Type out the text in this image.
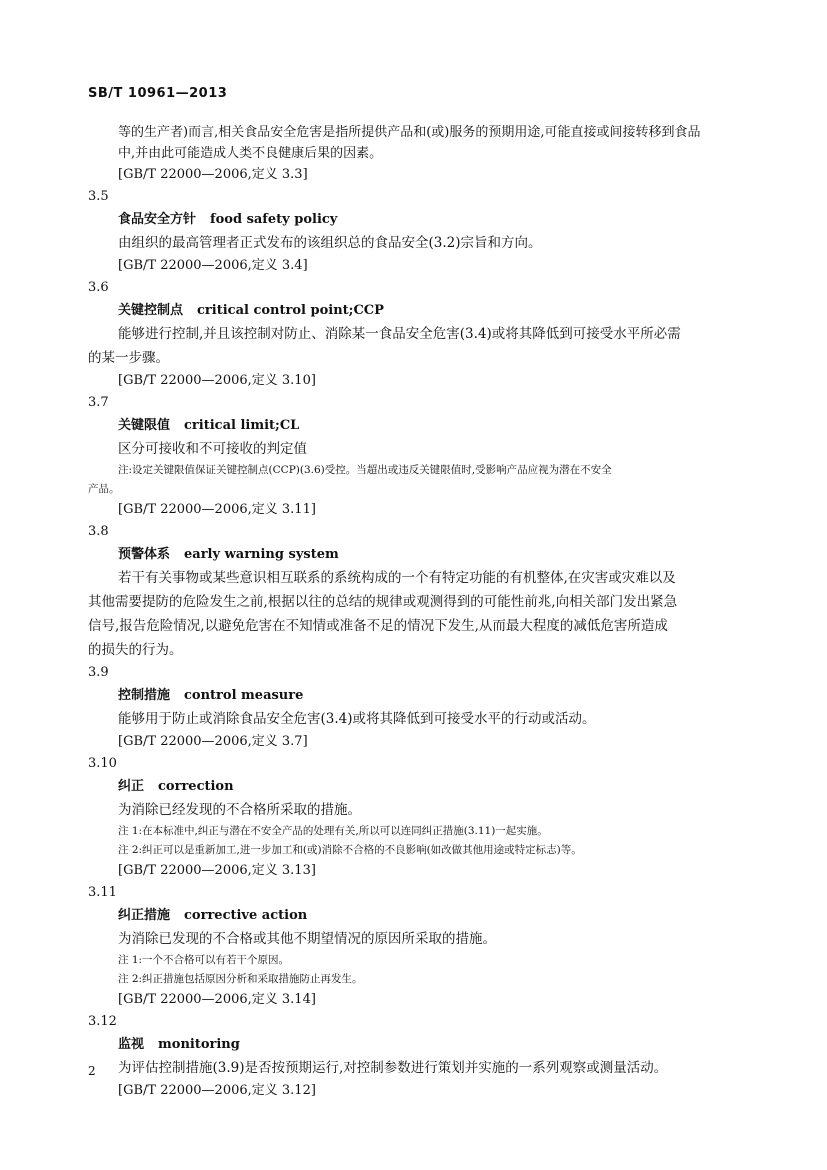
SB/T 10961—2013
等的生产者)而言,相关食品安全危害是指所提供产品和(或)服务的预期用途,可能直接或间接转移到食品
中,并由此可能造成人类不良健康后果的因素。
[GB/T 22000—2006,定义 3.3]
3.5
食品安全方针 food safety policy
由组织的最高管理者正式发布的该组织总的食品安全(3.2)宗旨和方向。
[GB/T 22000—2006,定义 3.4]
3.6
关键控制点 critical control point;CCP
能够进行控制,并且该控制对防止、消除某一食品安全危害(3.4)或将其降低到可接受水平所必需
的某一步骤。
[GB/T 22000—2006,定义 3.10]
3.7
关键限值 critical limit;CL
区分可接收和不可接收的判定值
注:设定关键限值保证关键控制点(CCP)(3.6)受控。当超出或违反关键限值时,受影响产品应视为潜在不安全
产品。
[GB/T 22000—2006,定义 3.11]
3.8
预警体系 early warning system
若干有关事物或某些意识相互联系的系统构成的一个有特定功能的有机整体,在灾害或灾难以及
其他需要提防的危险发生之前,根据以往的总结的规律或观测得到的可能性前兆,向相关部门发出紧急
信号,报告危险情况,以避免危害在不知情或准备不足的情况下发生,从而最大程度的减低危害所造成
的损失的行为。
3.9
控制措施 control measure
能够用于防止或消除食品安全危害(3.4)或将其降低到可接受水平的行动或活动。
[GB/T 22000—2006,定义 3.7]
3.10
纠正 correction
为消除已经发现的不合格所采取的措施。
注 1:在本标准中,纠正与潜在不安全产品的处理有关,所以可以连同纠正措施(3.11)一起实施。
注 2:纠正可以是重新加工,进一步加工和(或)消除不合格的不良影响(如改做其他用途或特定标志)等。
[GB/T 22000—2006,定义 3.13]
3.11
纠正措施 corrective action
为消除已发现的不合格或其他不期望情况的原因所采取的措施。
注 1:一个不合格可以有若干个原因。
注 2:纠正措施包括原因分析和采取措施防止再发生。
[GB/T 22000—2006,定义 3.14]
3.12
监视 monitoring
为评估控制措施(3.9)是否按预期运行,对控制参数进行策划并实施的一系列观察或测量活动。
[GB/T 22000—2006,定义 3.12]
2
